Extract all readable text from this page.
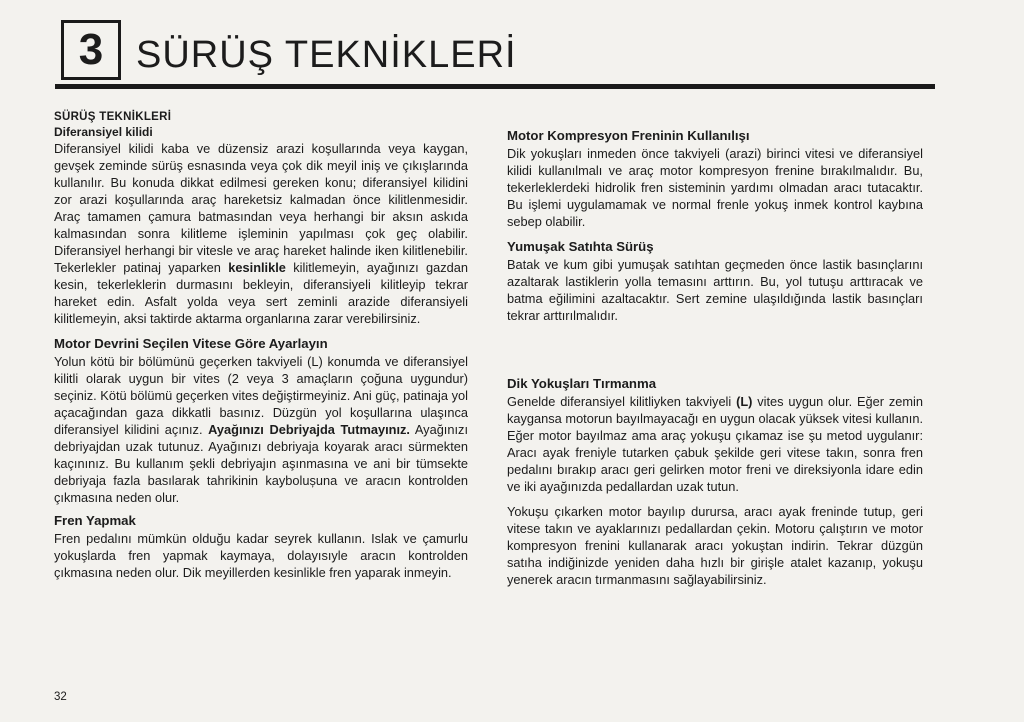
3 SÜRÜŞ TEKNİKLERİ

SÜRÜŞ TEKNİKLERİ

Diferansiyel kilidi

Diferansiyel kilidi kaba ve düzensiz arazi koşullarında veya kaygan, gevşek zeminde sürüş esnasında veya çok dik meyil iniş ve çıkışlarında kullanılır. Bu konuda dikkat edilmesi gereken konu; diferansiyel kilidini zor arazi koşullarında araç hareketsiz kalmadan önce kilitlenmesidir. Araç tamamen çamura batmasından veya herhangi bir aksın askıda kalmasından sonra kilitleme işleminin yapılması çok geç olabilir. Diferansiyel herhangi bir vitesle ve araç hareket halinde iken kilitlenebilir. Tekerlekler patinaj yaparken kesinlikle kilitlemeyin, ayağınızı gazdan kesin, tekerleklerin durmasını bekleyin, diferansiyeli kilitleyip tekrar hareket edin. Asfalt yolda veya sert zeminli arazide diferansiyeli kilitlemeyin, aksi taktirde aktarma organlarına zarar verebilirsiniz.

Motor Devrini Seçilen Vitese Göre Ayarlayın

Yolun kötü bir bölümünü geçerken takviyeli (L) konumda ve diferansiyel kilitli olarak uygun bir vites (2 veya 3 amaçların çoğuna uygundur) seçiniz. Kötü bölümü geçerken vites değiştirmeyiniz. Ani güç, patinaja yol açacağından gaza dikkatli basınız. Düzgün yol koşullarına ulaşınca diferansiyel kilidini açınız. Ayağınızı Debriyajda Tutmayınız. Ayağınızı debriyajdan uzak tutunuz. Ayağınızı debriyaja koyarak aracı sürmekten kaçınınız. Bu kullanım şekli debriyajın aşınmasına ve ani bir tümsekte debriyaja fazla basılarak tahrikinin kaybolușuna ve aracın kontrolden çıkmasına neden olur.

Fren Yapmak

Fren pedalını mümkün olduğu kadar seyrek kullanın. Islak ve çamurlu yokuşlarda fren yapmak kaymaya, dolayısıyle aracın kontrolden çıkmasına neden olur. Dik meyillerden kesinlikle fren yaparak inmeyin.

Motor Kompresyon Freninin Kullanılışı

Dik yokuşları inmeden önce takviyeli (arazi) birinci vitesi ve diferansiyel kilidi kullanılmalı ve araç motor kompresyon frenine bırakılmalıdır. Bu, tekerleklerdeki hidrolik fren sisteminin yardımı olmadan aracı tutacaktır. Bu işlemi uygulamamak ve normal frenle yokuş inmek kontrol kaybına sebep olabilir.

Yumuşak Satıhta Sürüş

Batak ve kum gibi yumuşak satıhtan geçmeden önce lastik basınçlarını azaltarak lastiklerin yolla temasını arttırın. Bu, yol tutuşu arttıracak ve batma eğilimini azaltacaktır. Sert zemine ulaşıldığında lastik basınçları tekrar arttırılmalıdır.

Dik Yokuşları Tırmanma

Genelde diferansiyel kilitliyken takviyeli (L) vites uygun olur. Eğer zemin kaygansa motorun bayılmayacağı en uygun olacak yüksek vitesi kullanın. Eğer motor bayılmaz ama araç yokuşu çıkamaz ise şu metod uygulanır: Aracı ayak freniyle tutarken çabuk şekilde geri vitese takın, sonra fren pedalını bırakıp aracı geri gelirken motor freni ve direksiyonla idare edin ve iki ayağınızda pedallardan uzak tutun.

Yokuşu çıkarken motor bayılıp durursa, aracı ayak freninde tutup, geri vitese takın ve ayaklarınızı pedallardan çekin. Motoru çalıştırın ve motor kompresyon frenini kullanarak aracı yokuştan indirin. Tekrar düzgün satıha indiğinizde yeniden daha hızlı bir girişle atalet kazanıp, yokuşu yenerek aracın tırmanmasını sağlayabilirsiniz.

32
